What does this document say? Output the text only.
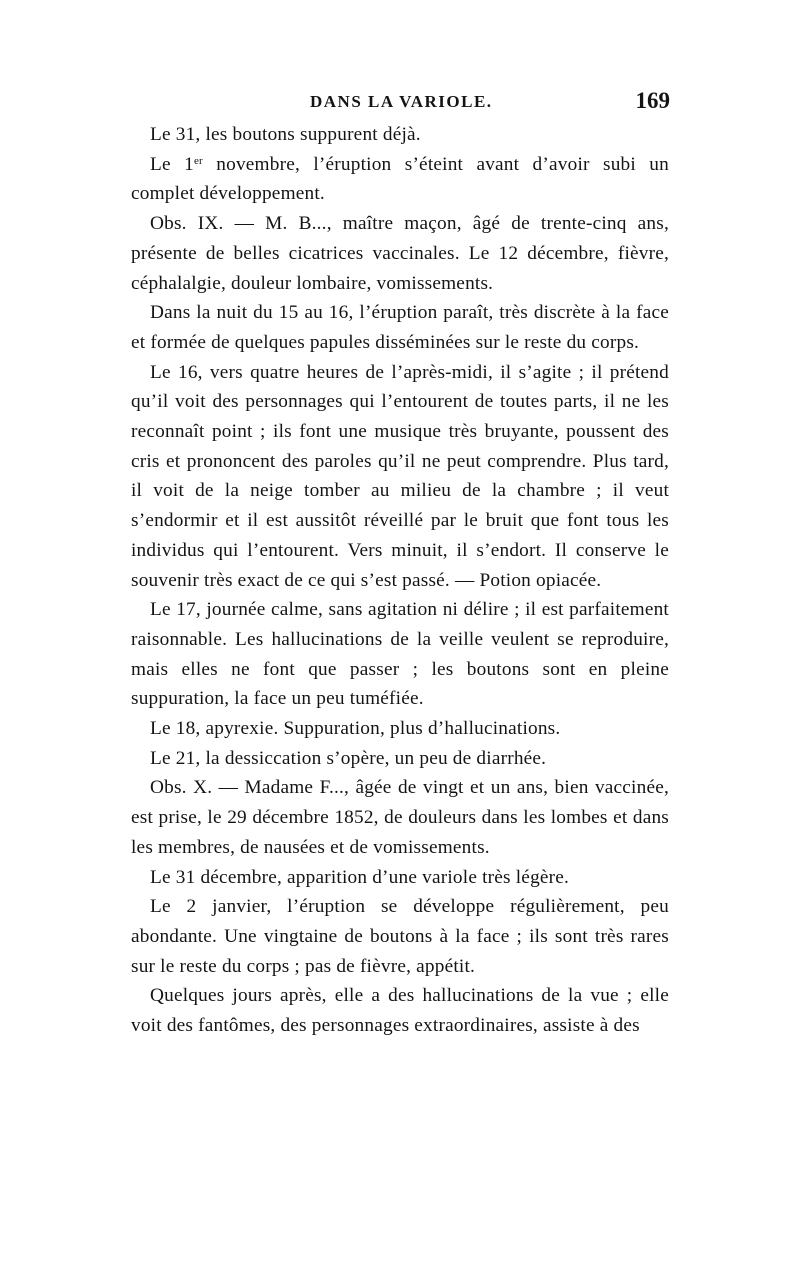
DANS LA VARIOLE.	169

Le 31, les boutons suppurent déjà.

Le 1er novembre, l’éruption s’éteint avant d’avoir subi un complet développement.

Obs. IX. — M. B..., maître maçon, âgé de trente-cinq ans, présente de belles cicatrices vaccinales. Le 12 décembre, fièvre, céphalalgie, douleur lombaire, vomissements.

Dans la nuit du 15 au 16, l’éruption paraît, très discrète à la face et formée de quelques papules disséminées sur le reste du corps.

Le 16, vers quatre heures de l’après-midi, il s’agite ; il prétend qu’il voit des personnages qui l’entourent de toutes parts, il ne les reconnaît point ; ils font une musique très bruyante, poussent des cris et prononcent des paroles qu’il ne peut comprendre. Plus tard, il voit de la neige tomber au milieu de la chambre ; il veut s’endormir et il est aussitôt réveillé par le bruit que font tous les individus qui l’entourent. Vers minuit, il s’endort. Il conserve le souvenir très exact de ce qui s’est passé. — Potion opiacée.

Le 17, journée calme, sans agitation ni délire ; il est parfaitement raisonnable. Les hallucinations de la veille veulent se reproduire, mais elles ne font que passer ; les boutons sont en pleine suppuration, la face un peu tuméfiée.

Le 18, apyrexie. Suppuration, plus d’hallucinations.

Le 21, la dessiccation s’opère, un peu de diarrhée.

Obs. X. — Madame F..., âgée de vingt et un ans, bien vaccinée, est prise, le 29 décembre 1852, de douleurs dans les lombes et dans les membres, de nausées et de vomissements.

Le 31 décembre, apparition d’une variole très légère.

Le 2 janvier, l’éruption se développe régulièrement, peu abondante. Une vingtaine de boutons à la face ; ils sont très rares sur le reste du corps ; pas de fièvre, appétit.

Quelques jours après, elle a des hallucinations de la vue ; elle voit des fantômes, des personnages extraordinaires, assiste à des
